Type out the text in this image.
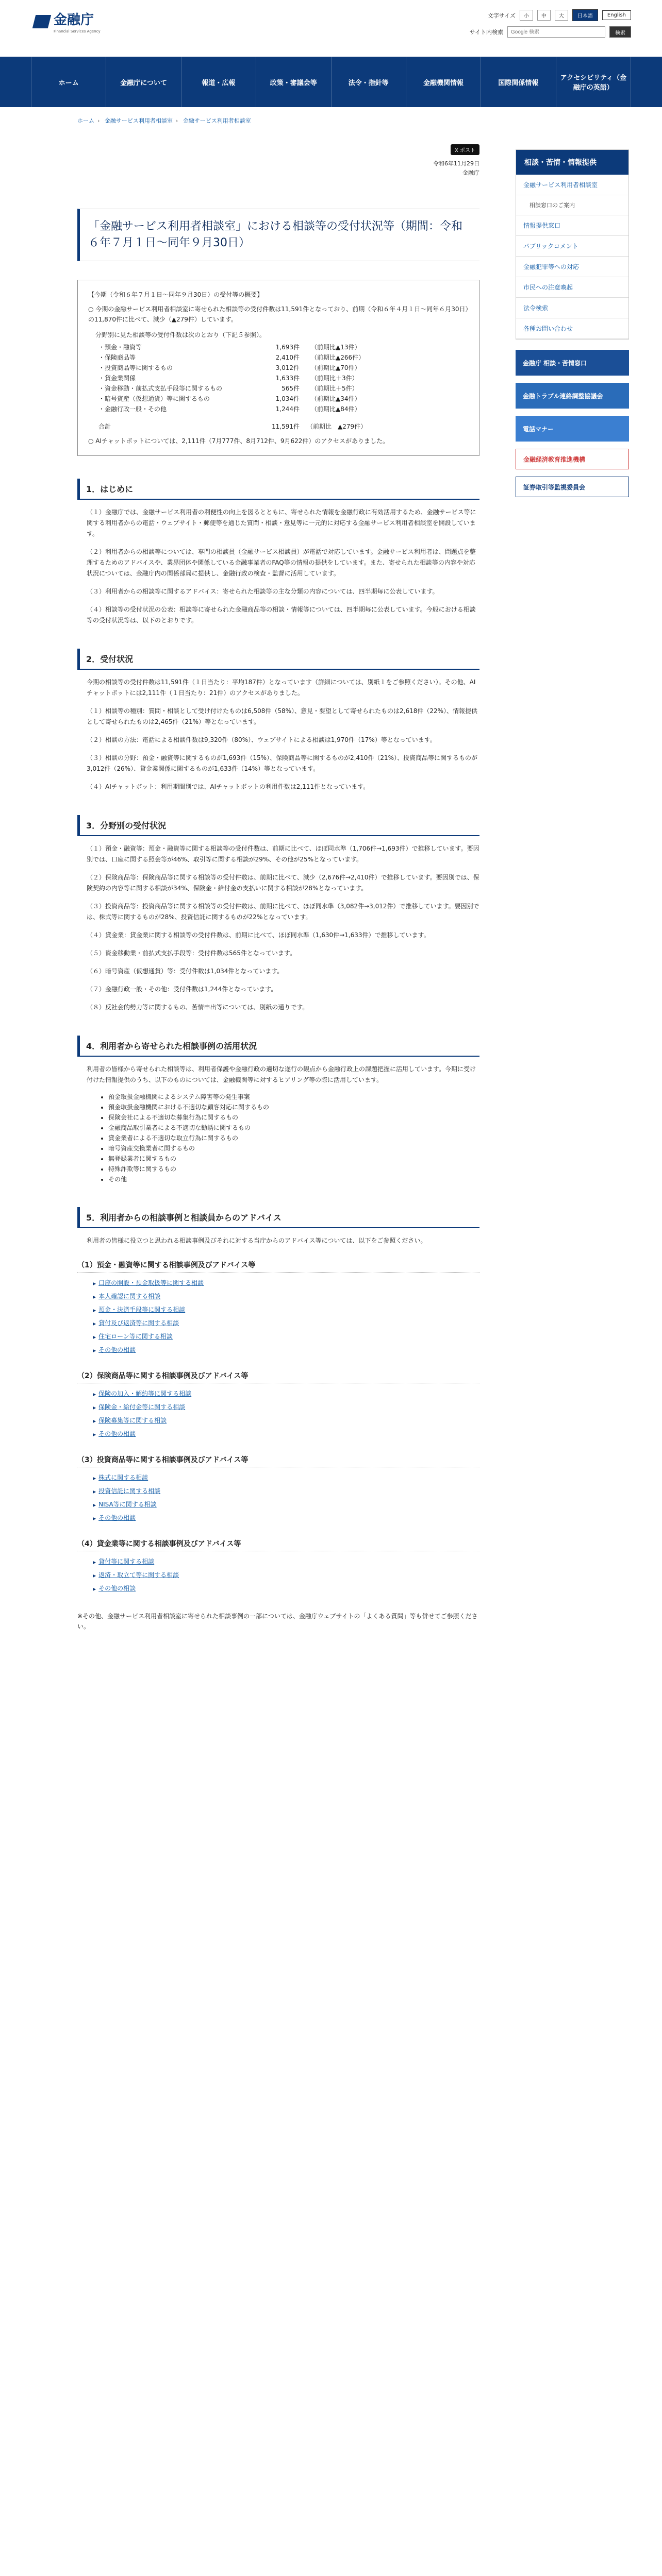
金融庁
Financial Services Agency
文字サイズ	小	中	大	日本語	English
サイト内検索
Google 検索	検索
ホーム	金融庁について	報道・広報	政策・審議会等	法令・指針等	金融機関情報	国際関係情報
アクセシビリティ（金融庁の英語）
ホーム › 金融サービス利用者相談室 › 金融サービス利用者相談室
X ポスト
令和6年11月29日
金融庁
「金融サービス利用者相談室」における相談等の受付状況等（期間：令和６年７月１日〜同年９月30日）
【今期（令和６年７月１日〜同年９月30日）の受付等の概要】
○ 今期の金融サービス利用者相談室に寄せられた相談等の受付件数は11,591件となっており、前期（令和６年４月１日〜同年６月30日）の11,870件に比べて、減少（▲279件）しています。
分野別に見た相談等の受付件数は次のとおり（下記５参照）。
・預金・融資等	1,693件	（前期比 ▲13件）
・保険商品等	2,410件	（前期比 ▲266件）
・投資商品等に関するもの	3,012件	（前期比 ▲70件）
・貸金業関係	1,633件	（前期比 ＋3件）
・資金移動・前払式支払手段等に関するもの	565件	（前期比 ＋5件）
・暗号資産（仮想通貨）等に関するもの	1,034件	（前期比 ▲34件）
・金融行政一般・その他	1,244件	（前期比 ▲84件）
合計	11,591件	（前期比　▲279件）
○ AIチャットボットについては、2,111件（7月777件、8月712件、9月622件）のアクセスがありました。
1．はじめに

（１）金融庁では、金融サービス利用者の利便性の向上を図るとともに、寄せられた情報を金融行政に有効活用するため、金融サービス等に関する利用者からの電話・ウェブサイト・郵便等を通じた質問・相談・意見等に一元的に対応する金融サービス利用者相談室を開設しています。

（２）利用者からの相談等については、専門の相談員（金融サービス相談員）が電話で対応しています。金融サービス利用者は、問題点を整理するためのアドバイスや、業界団体や関係している金融事業者のFAQ等の情報の提供をしています。また、寄せられた相談等の内容や対応状況については、金融庁内の関係部局に提供し、金融行政の検査・監督に活用しています。

（３）利用者からの相談等に関するアドバイス：寄せられた相談等の主な分類の内容については、四半期毎に公表しています。

（４）相談等の受付状況の公表：相談等に寄せられた金融商品等の相談・情報等については、四半期毎に公表しています。今般における相談等の受付状況等は、以下のとおりです。

2．受付状況

今期の相談等の受付件数は11,591件（１日当たり：平均187件）となっています（詳細については、別紙１をご参照ください）。その他、AIチャットボットには2,111件（１日当たり：21件）のアクセスがありました。

（１）相談等の種別：質問・相談として受け付けたものは6,508件（58%）、意見・要望として寄せられたものは2,618件（22%）、情報提供として寄せられたものは2,465件（21%）等となっています。

（２）相談の方法：電話による相談件数は9,320件（80%）、ウェブサイトによる相談は1,970件（17%）等となっています。

（３）相談の分野：預金・融資等に関するものが1,693件（15%）、保険商品等に関するものが2,410件（21%）、投資商品等に関するものが3,012件（26%）、貸金業関係に関するものが1,633件（14%）等となっています。

（４）AIチャットボット：利用期間別では、AIチャットボットの利用件数は2,111件となっています。

3．分野別の受付状況

（１）預金・融資等：預金・融資等に関する相談等の受付件数は、前期に比べて、ほぼ同水準（1,706件→1,693件）で推移しています。要因別では、口座に関する照会等が46%、取引等に関する相談が29%、その他が25%となっています。

（２）保険商品等：保険商品等に関する相談等の受付件数は、前期に比べて、減少（2,676件→2,410件）で推移しています。要因別では、保険契約の内容等に関する相談が34%、保険金・給付金の支払いに関する相談が28%となっています。

（３）投資商品等：投資商品等に関する相談等の受付件数は、前期に比べて、ほぼ同水準（3,082件→3,012件）で推移しています。要因別では、株式等に関するものが28%、投資信託に関するものが22%となっています。

（４）貸金業：貸金業に関する相談等の受付件数は、前期に比べて、ほぼ同水準（1,630件→1,633件）で推移しています。

（５）資金移動業・前払式支払手段等：受付件数は565件となっています。

（６）暗号資産（仮想通貨）等：受付件数は1,034件となっています。

（７）金融行政一般・その他：受付件数は1,244件となっています。

（８）反社会的勢力等に関するもの、苦情申出等については、別紙の通りです。

4．利用者から寄せられた相談事例の活用状況

利用者の皆様から寄せられた相談等は、利用者保護や金融行政の適切な遂行の観点から金融行政上の課題把握に活用しています。今期に受け付けた情報提供のうち、以下のものについては、金融機関等に対するヒアリング等の際に活用しています。

• 預金取扱金融機関によるシステム障害等の発生事案
• 預金取扱金融機関における不適切な顧客対応に関するもの
• 保険会社による不適切な募集行為に関するもの
• 金融商品取引業者による不適切な勧誘に関するもの
• 貸金業者による不適切な取立行為に関するもの
• 暗号資産交換業者に関するもの
• 無登録業者に関するもの
• 特殊詐欺等に関するもの
• その他
5．利用者からの相談事例と相談員からのアドバイス

利用者の皆様に役立つと思われる相談事例及びそれに対する当庁からのアドバイス等については、以下をご参照ください。

（1）預金・融資等に関する相談事例及びアドバイス等
▶ 口座の開設・預金取扱等に関する相談
▶ 本人確認に関する相談
▶ 預金・決済手段等に関する相談
▶ 貸付及び返済等に関する相談
▶ 住宅ローン等に関する相談
▶ その他の相談
（2）保険商品等に関する相談事例及びアドバイス等
▶ 保険の加入・解約等に関する相談
▶ 保険金・給付金等に関する相談
▶ 保険募集等に関する相談
▶ その他の相談
（3）投資商品等に関する相談事例及びアドバイス等
▶ 株式に関する相談
▶ 投資信託に関する相談
▶ NISA等に関する相談
▶ その他の相談
（4）貸金業等に関する相談事例及びアドバイス等
▶ 貸付等に関する相談
▶ 返済・取立て等に関する相談
▶ その他の相談

※その他、金融サービス利用者相談室に寄せられた相談事例の一部については、金融庁ウェブサイトの「よくある質問」等も併せてご参照ください。

相談・苦情・情報提供
金融サービス利用者相談室
相談窓口のご案内
情報提供窓口
パブリックコメント
金融犯罪等への対応
市民への注意喚起
法令検索
各種お問い合わせ
金融庁 相談・苦情窓口
金融トラブル連絡調整協議会
電話マナー
金融経済教育推進機構
証券取引等監視委員会
